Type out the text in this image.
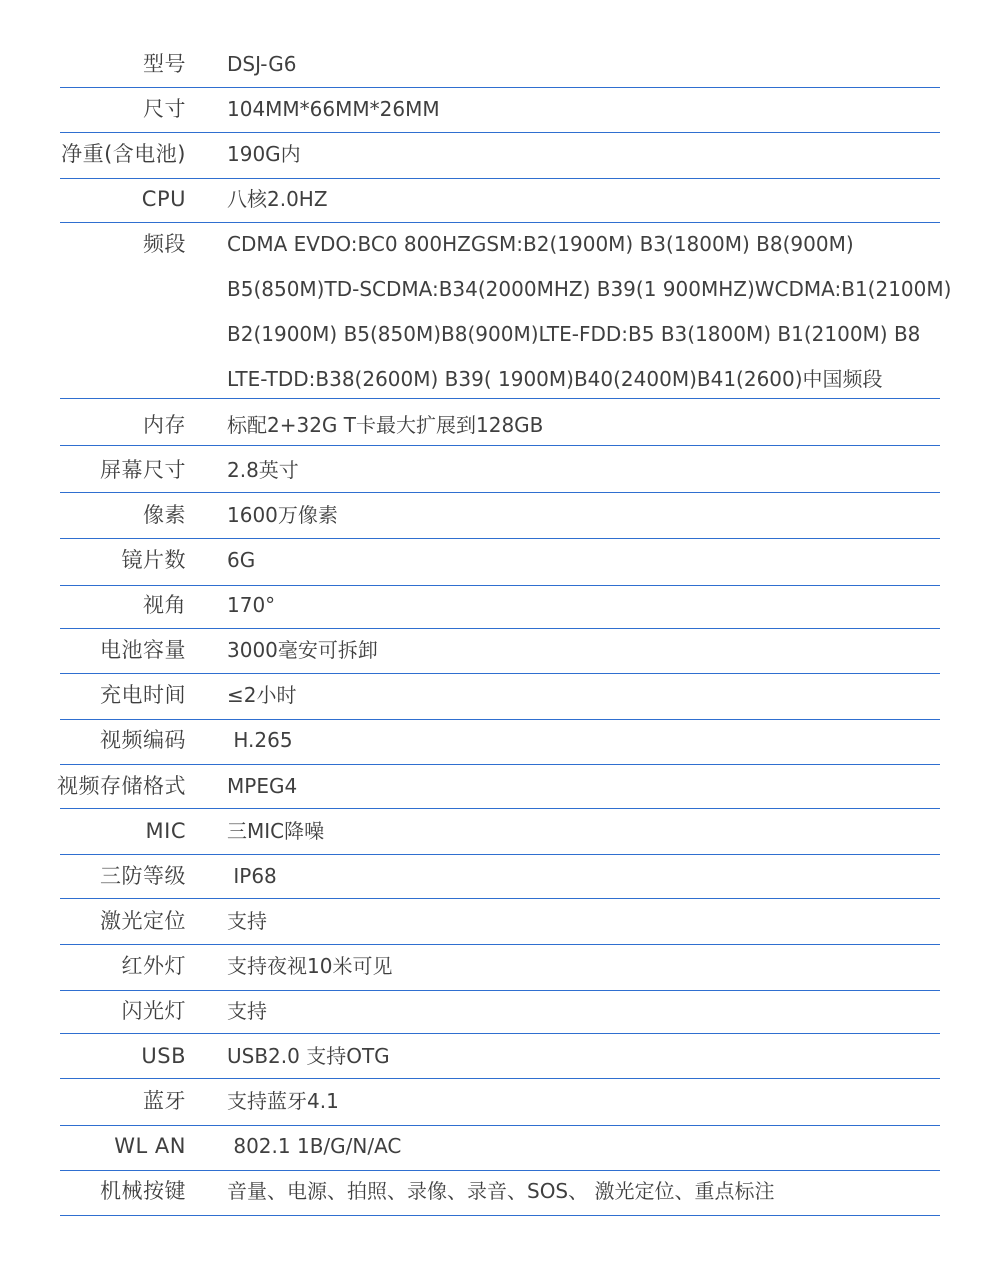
型号 DSJ-G6
尺寸 104MM*66MM*26MM
净重(含电池) 190G内
CPU 八核2.0HZ
频段 CDMA EVDO:BC0 800HZGSM:B2(1900M) B3(1800M) B8(900M)
B5(850M)TD-SCDMA:B34(2000MHZ) B39(1 900MHZ)WCDMA:B1(2100M)
B2(1900M) B5(850M)B8(900M)LTE-FDD:B5 B3(1800M) B1(2100M) B8
LTE-TDD:B38(2600M) B39( 1900M)B40(2400M)B41(2600)中国频段
内存 标配2+32G T卡最大扩展到128GB
屏幕尺寸 2.8英寸
像素 1600万像素
镜片数 6G
视角 170°
电池容量 3000毫安可拆卸
充电时间 ≤2小时
视频编码 H.265
视频存储格式 MPEG4
MIC 三MIC降噪
三防等级 IP68
激光定位 支持
红外灯 支持夜视10米可见
闪光灯 支持
USB USB2.0 支持OTG
蓝牙 支持蓝牙4.1
WL AN 802.1 1B/G/N/AC
机械按键 音量、电源、拍照、录像、录音、SOS、 激光定位、重点标注
